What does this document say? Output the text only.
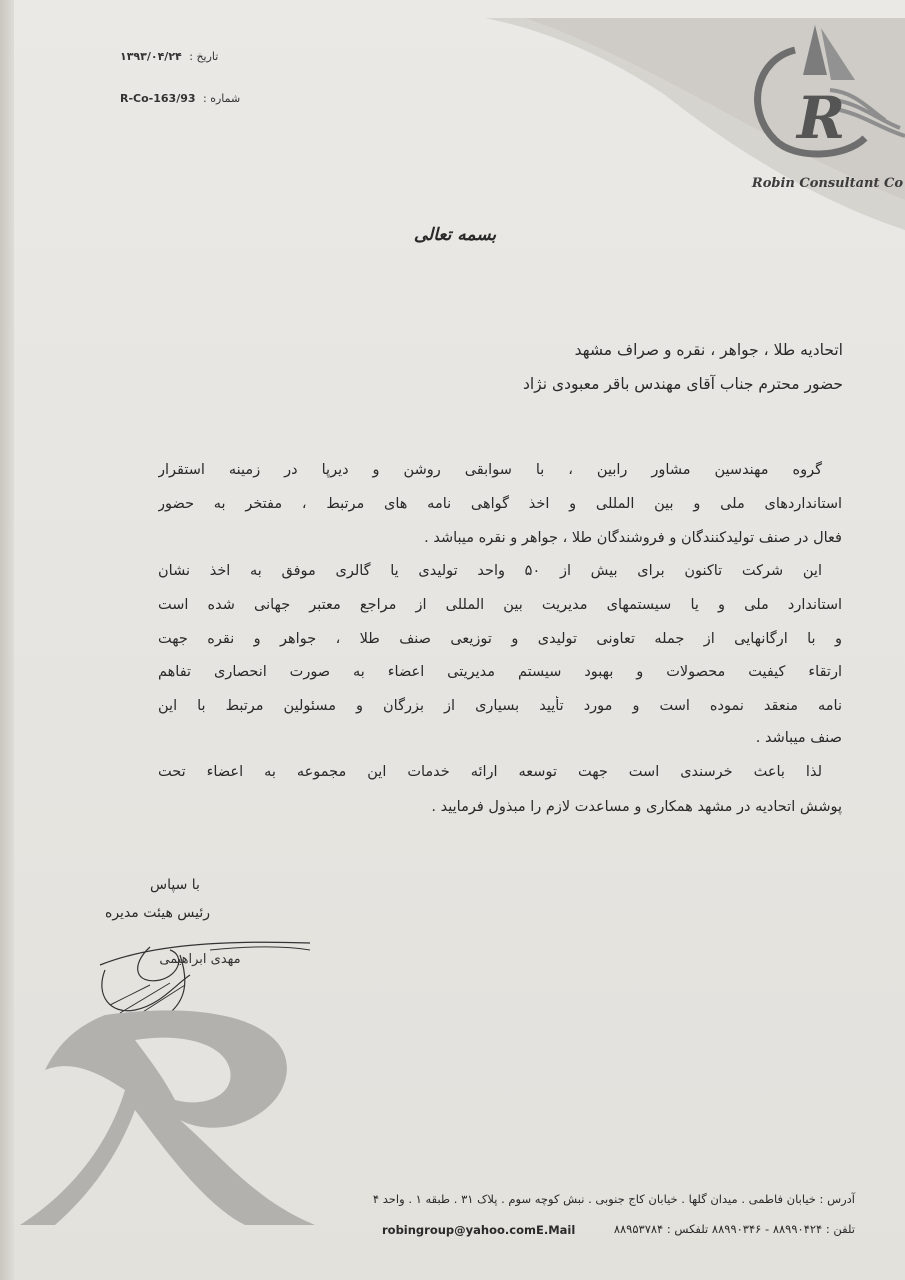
R
Robin Consultant Co
تاریخ : ۱۳۹۳/۰۴/۲۴
شماره : R-Co-163/93
بسمه تعالی
اتحادیه طلا ، جواهر ، نقره و صراف مشهد
حضور محترم جناب آقای مهندس باقر معبودی نژاد
گروه مهندسین مشاور رابین ، با سوابقی روشن و دیرپا در زمینه استقرار
استانداردهای ملی و بین المللی و اخذ گواهی نامه های مرتبط ، مفتخر به حضور
فعال در صنف تولیدکنندگان و فروشندگان طلا ، جواهر و نقره میباشد .
این شرکت تاکنون برای بیش از ۵۰ واحد تولیدی یا گالری موفق به اخذ نشان
استاندارد ملی و یا سیستمهای مدیریت بین المللی از مراجع معتبر جهانی شده است
و با ارگانهایی از جمله تعاونی تولیدی و توزیعی صنف طلا ، جواهر و نقره جهت
ارتقاء کیفیت محصولات و بهبود سیستم مدیریتی اعضاء به صورت انحصاری تفاهم
نامه منعقد نموده است و مورد تأیید بسیاری از بزرگان و مسئولین مرتبط با این
صنف میباشد .
لذا باعث خرسندی است جهت توسعه ارائه خدمات این مجموعه به اعضاء تحت
پوشش اتحادیه در مشهد همکاری و مساعدت لازم را مبذول فرمایید .
با سپاس
رئیس هیئت مدیره
مهدی ابراهیمی
آدرس : خیابان فاطمی . میدان گلها . خیابان کاج جنوبی . نبش کوچه سوم . پلاک ۳۱ . طبقه ۱ . واحد ۴
تلفن : ۸۸۹۹۰۴۲۴ - ۸۸۹۹۰۳۴۶ تلفکس : ۸۸۹۵۳۷۸۴
robingroup@yahoo.comE.Mail
